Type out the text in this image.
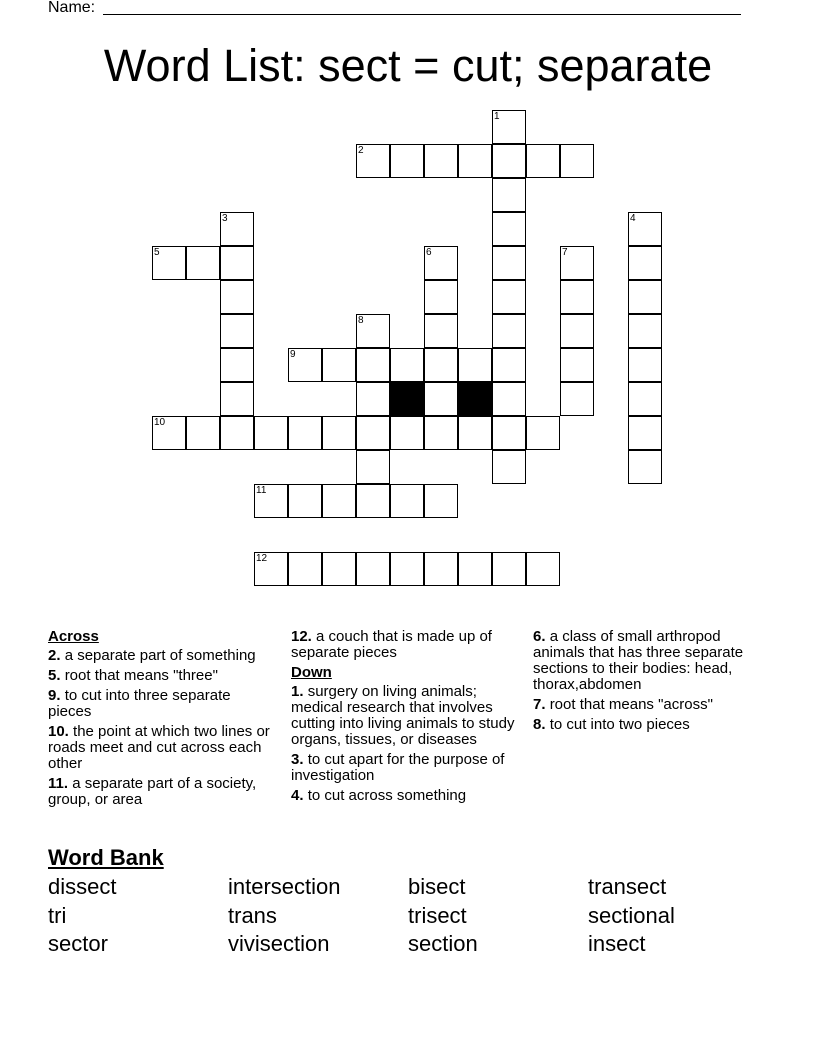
Name:
Word List: sect = cut; separate
1
2
3	4
5	6	7
8
9
10
11
12
Across
2. a separate part of something
5. root that means "three"
9. to cut into three separate pieces
10. the point at which two lines or roads meet and cut across each other
11. a separate part of a society, group, or area
12. a couch that is made up of separate pieces
Down
1. surgery on living animals; medical research that involves cutting into living animals to study organs, tissues, or diseases
3. to cut apart for the purpose of investigation
4. to cut across something
6. a class of small arthropod animals that has three separate sections to their bodies: head, thorax,abdomen
7. root that means "across"
8. to cut into two pieces
Word Bank
dissect	intersection	bisect	transect
tri	trans	trisect	sectional
sector	vivisection	section	insect
